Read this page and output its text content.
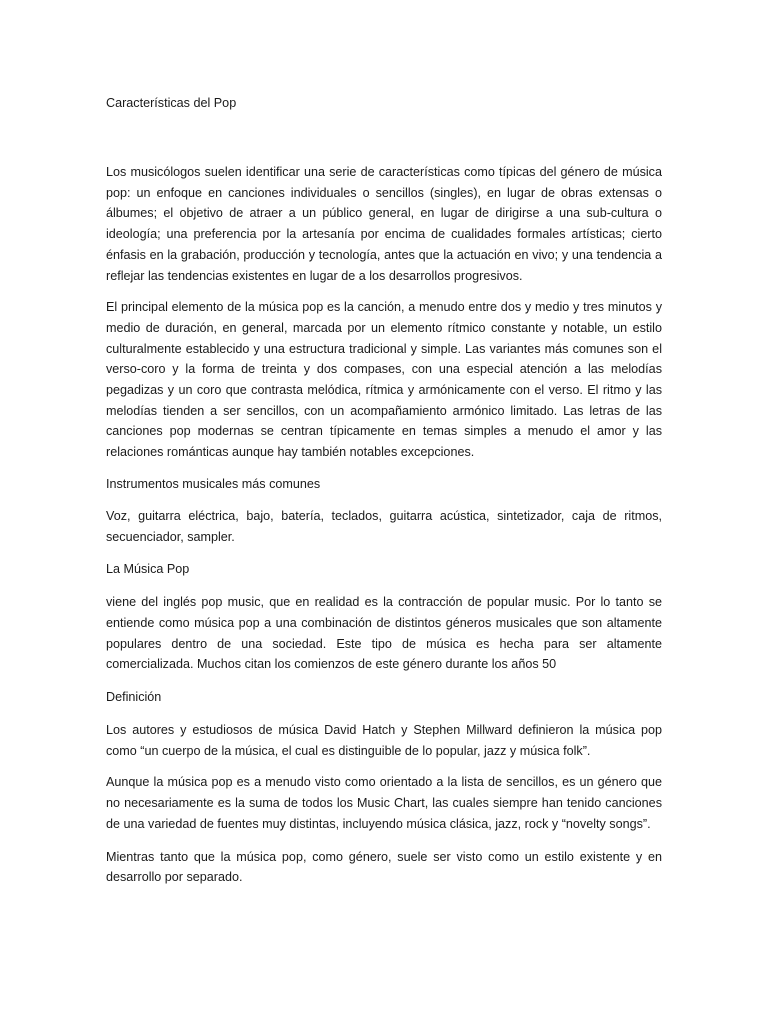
Características del Pop

Los musicólogos suelen identificar una serie de características como típicas del género de música pop: un enfoque en canciones individuales o sencillos (singles), en lugar de obras extensas o álbumes; el objetivo de atraer a un público general, en lugar de dirigirse a una sub-cultura o ideología; una preferencia por la artesanía por encima de cualidades formales artísticas; cierto énfasis en la grabación, producción y tecnología, antes que la actuación en vivo; y una tendencia a reflejar las tendencias existentes en lugar de a los desarrollos progresivos.

El principal elemento de la música pop es la canción, a menudo entre dos y medio y tres minutos y medio de duración, en general, marcada por un elemento rítmico constante y notable, un estilo culturalmente establecido y una estructura tradicional y simple. Las variantes más comunes son el verso-coro y la forma de treinta y dos compases, con una especial atención a las melodías pegadizas y un coro que contrasta melódica, rítmica y armónicamente con el verso. El ritmo y las melodías tienden a ser sencillos, con un acompañamiento armónico limitado. Las letras de las canciones pop modernas se centran típicamente en temas simples a menudo el amor y las relaciones románticas aunque hay también notables excepciones.

Instrumentos musicales más comunes

Voz, guitarra eléctrica, bajo, batería, teclados, guitarra acústica, sintetizador, caja de ritmos, secuenciador, sampler.

La Música Pop

viene del inglés pop music, que en realidad es la contracción de popular music. Por lo tanto se entiende como música pop a una combinación de distintos géneros musicales que son altamente populares dentro de una sociedad. Este tipo de música es hecha para ser altamente comercializada. Muchos citan los comienzos de este género durante los años 50

Definición

Los autores y estudiosos de música David Hatch y Stephen Millward definieron la música pop como “un cuerpo de la música, el cual es distinguible de lo popular, jazz y música folk”.

Aunque la música pop es a menudo visto como orientado a la lista de sencillos, es un género que no necesariamente es la suma de todos los Music Chart, las cuales siempre han tenido canciones de una variedad de fuentes muy distintas, incluyendo música clásica, jazz, rock y “novelty songs”.

Mientras tanto que la música pop, como género, suele ser visto como un estilo existente y en desarrollo por separado.
